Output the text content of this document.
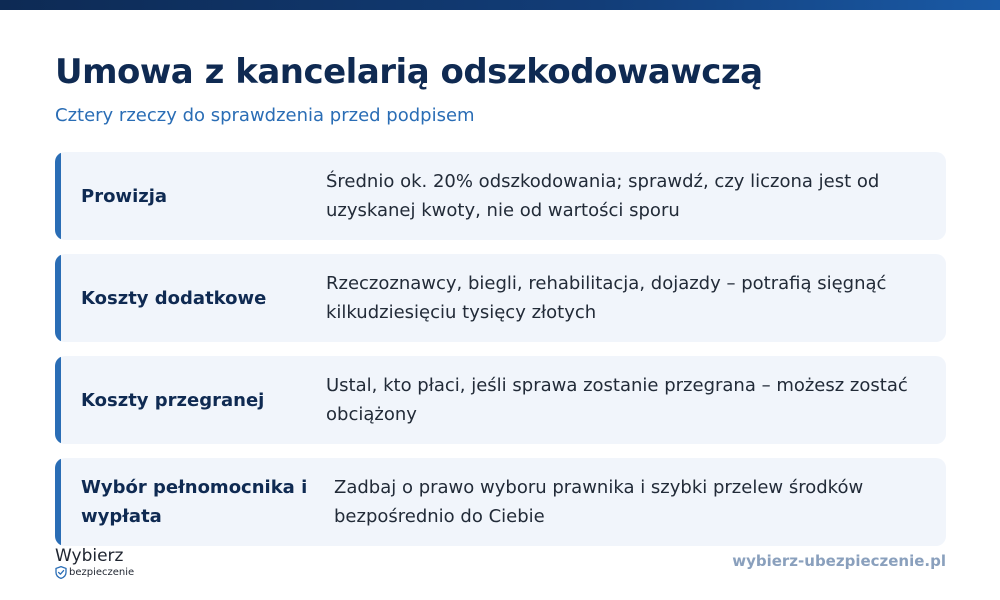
Umowa z kancelarią odszkodowawczą

Cztery rzeczy do sprawdzenia przed podpisem

Prowizja
Średnio ok. 20% odszkodowania; sprawdź, czy liczona jest od uzyskanej kwoty, nie od wartości sporu
Koszty dodatkowe
Rzeczoznawcy, biegli, rehabilitacja, dojazdy – potrafią sięgnąć kilkudziesięciu tysięcy złotych
Koszty przegranej
Ustal, kto płaci, jeśli sprawa zostanie przegrana – możesz zostać obciążony
Wybór pełnomocnika i wypłata
Zadbaj o prawo wyboru prawnika i szybki przelew środków bezpośrednio do Ciebie
Wybierz
bezpieczenie
wybierz-ubezpieczenie.pl
